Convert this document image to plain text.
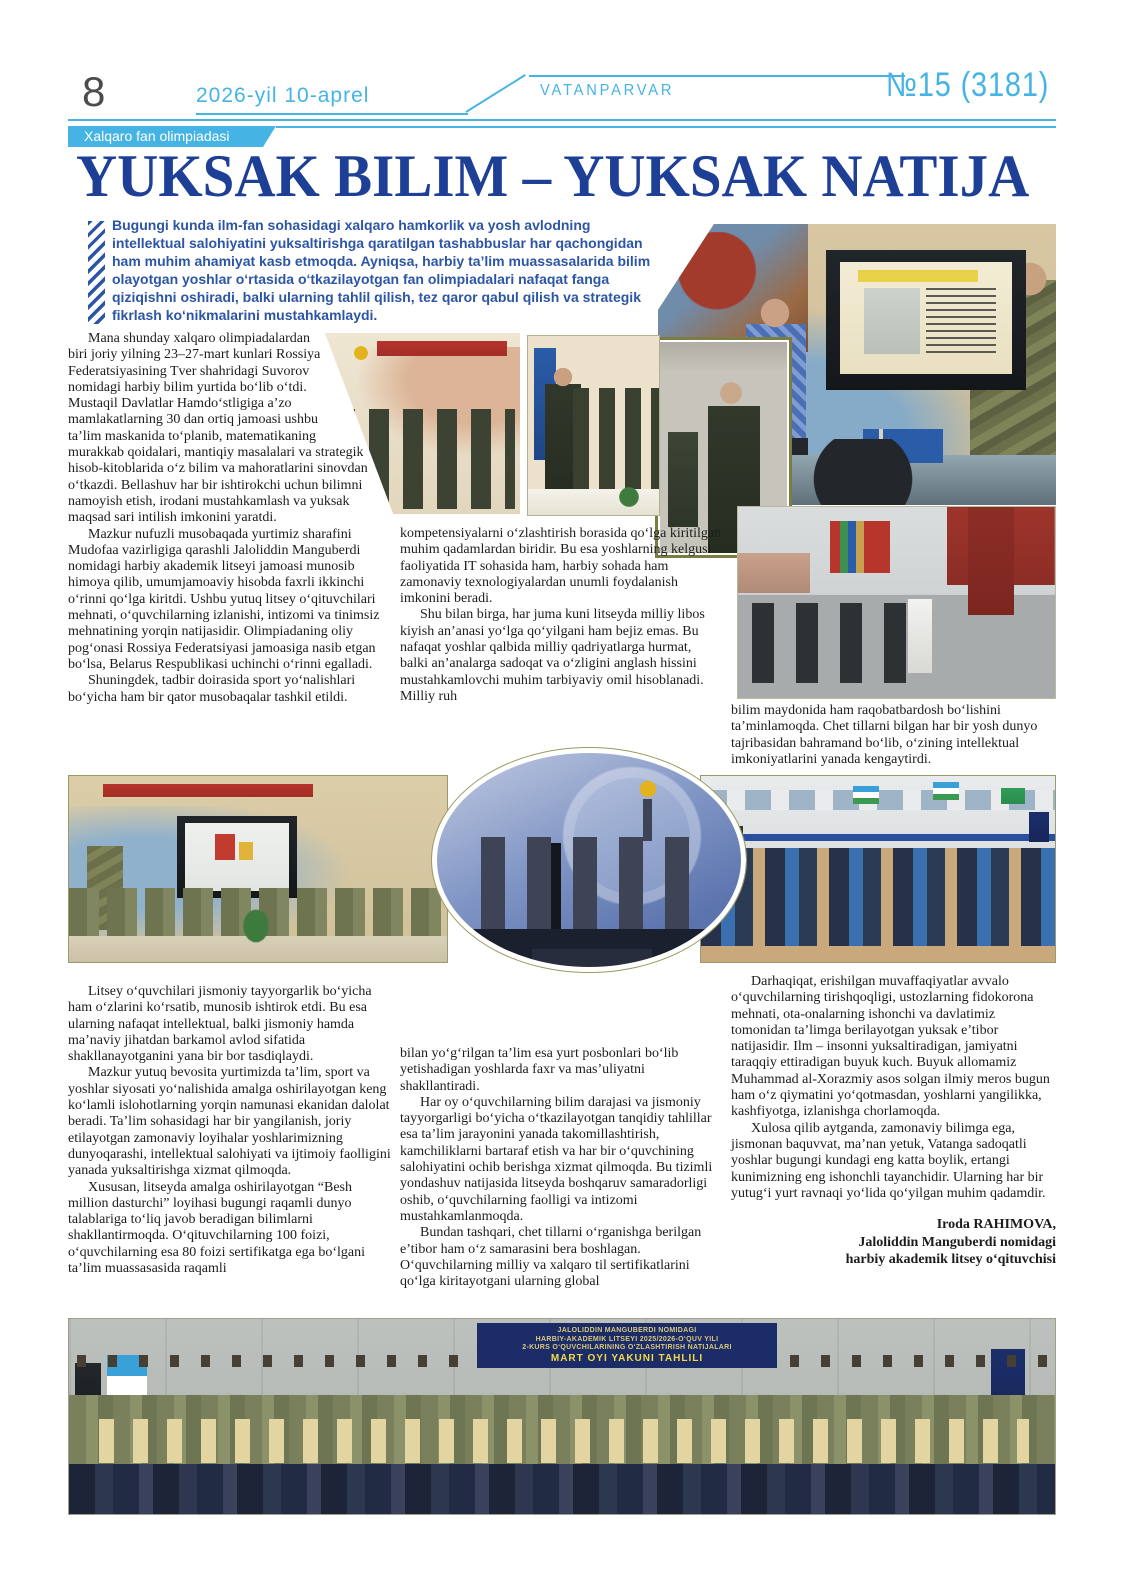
8	2026-yil 10-aprel	VATANPARVAR	№15 (3181)
Xalqaro fan olimpiadasi
YUKSAK BILIM – YUKSAK NATIJA
Bugungi kunda ilm-fan sohasidagi xalqaro hamkorlik va yosh avlodning intellektual salohiyatini yuksaltirishga qaratilgan tashabbuslar har qachongidan ham muhim ahamiyat kasb etmoqda. Ayniqsa, harbiy ta’lim muassasalarida bilim olayotgan yoshlar o‘rtasida o‘tkazilayotgan fan olimpiadalari nafaqat fanga qiziqishni oshiradi, balki ularning tahlil qilish, tez qaror qabul qilish va strategik fikrlash ko‘nikmalarini mustahkamlaydi.

Mana shunday xalqaro olimpiadalardan biri joriy yilning 23–27-mart kunlari Rossiya Federatsiyasining Tver shahridagi Suvorov nomidagi harbiy bilim yurtida bo‘lib o‘tdi. Mustaqil Davlatlar Hamdo‘stligiga a’zo mamlakatlarning 30 dan ortiq jamoasi ushbu ta’lim maskanida to‘planib, matematikaning murakkab qoidalari, mantiqiy masalalari va strategik hisob-kitoblarida o‘z bilim va mahoratlarini sinovdan o‘tkazdi. Bellashuv har bir ishtirokchi uchun bilimni namoyish etish, irodani mustahkamlash va yuksak maqsad sari intilish imkonini yaratdi.

Mazkur nufuzli musobaqada yurtimiz sharafini Mudofaa vazirligiga qarashli Jaloliddin Manguberdi nomidagi harbiy akademik litseyi jamoasi munosib himoya qilib, umumjamoaviy hisobda faxrli ikkinchi o‘rinni qo‘lga kiritdi. Ushbu yutuq litsey o‘qituvchilari mehnati, o‘quvchilarning izlanishi, intizomi va tinimsiz mehnatining yorqin natijasidir. Olimpiadaning oliy pog‘onasi Rossiya Federatsiyasi jamoasiga nasib etgan bo‘lsa, Belarus Respublikasi uchinchi o‘rinni egalladi.

Shuningdek, tadbir doirasida sport yo‘nalishlari bo‘yicha ham bir qator musobaqalar tashkil etildi.

kompetensiyalarni o‘zlashtirish borasida qo‘lga kiritilgan muhim qadamlardan biridir. Bu esa yoshlarning kelgusi faoliyatida IT sohasida ham, harbiy sohada ham zamonaviy texnologiyalardan unumli foydalanish imkonini beradi.

Shu bilan birga, har juma kuni litseyda milliy libos kiyish an’anasi yo‘lga qo‘yilgani ham bejiz emas. Bu nafaqat yoshlar qalbida milliy qadriyatlarga hurmat, balki an’analarga sadoqat va o‘zligini anglash hissini mustahkamlovchi muhim tarbiyaviy omil hisoblanadi. Milliy ruh

bilim maydonida ham raqobatbardosh bo‘lishini ta’minlamoqda. Chet tillarni bilgan har bir yosh dunyo tajribasidan bahramand bo‘lib, o‘zining intellektual imkoniyatlarini yanada kengaytirdi.

Litsey o‘quvchilari jismoniy tayyorgarlik bo‘yicha ham o‘zlarini ko‘rsatib, munosib ishtirok etdi. Bu esa ularning nafaqat intellektual, balki jismoniy hamda ma’naviy jihatdan barkamol avlod sifatida shakllanayotganini yana bir bor tasdiqlaydi.

Mazkur yutuq bevosita yurtimizda ta’lim, sport va yoshlar siyosati yo‘nalishida amalga oshirilayotgan keng ko‘lamli islohotlarning yorqin namunasi ekanidan dalolat beradi. Ta’lim sohasidagi har bir yangilanish, joriy etilayotgan zamonaviy loyihalar yoshlarimizning dunyoqarashi, intellektual salohiyati va ijtimoiy faolligini yanada yuksaltirishga xizmat qilmoqda.

Xususan, litseyda amalga oshirilayotgan “Besh million dasturchi” loyihasi bugungi raqamli dunyo talablariga to‘liq javob beradigan bilimlarni shakllantirmoqda. O‘qituvchilarning 100 foizi, o‘quvchilarning esa 80 foizi sertifikatga ega bo‘lgani ta’lim muassasasida raqamli

bilan yo‘g‘rilgan ta’lim esa yurt posbonlari bo‘lib yetishadigan yoshlarda faxr va mas’uliyatni shakllantiradi.

Har oy o‘quvchilarning bilim darajasi va jismoniy tayyorgarligi bo‘yicha o‘tkazilayotgan tanqidiy tahlillar esa ta’lim jarayonini yanada takomillashtirish, kamchiliklarni bartaraf etish va har bir o‘quvchining salohiyatini ochib berishga xizmat qilmoqda. Bu tizimli yondashuv natijasida litseyda boshqaruv samaradorligi oshib, o‘quvchilarning faolligi va intizomi mustahkamlanmoqda.

Bundan tashqari, chet tillarni o‘rganishga berilgan e’tibor ham o‘z samarasini bera boshlagan. O‘quvchilarning milliy va xalqaro til sertifikatlarini qo‘lga kiritayotgani ularning global

Darhaqiqat, erishilgan muvaffaqiyatlar avvalo o‘quvchilarning tirishqoqligi, ustozlarning fidokorona mehnati, ota-onalarning ishonchi va davlatimiz tomonidan ta’limga berilayotgan yuksak e’tibor natijasidir. Ilm – insonni yuksaltiradigan, jamiyatni taraqqiy ettiradigan buyuk kuch. Buyuk allomamiz Muhammad al-Xorazmiy asos solgan ilmiy meros bugun ham o‘z qiymatini yo‘qotmasdan, yoshlarni yangilikka, kashfiyotga, izlanishga chorlamoqda.

Xulosa qilib aytganda, zamonaviy bilimga ega, jismonan baquvvat, ma’nan yetuk, Vatanga sadoqatli yoshlar bugungi kundagi eng katta boylik, ertangi kunimizning eng ishonchli tayanchidir. Ularning har bir yutug‘i yurt ravnaqi yo‘lida qo‘yilgan muhim qadamdir.

Iroda RAHIMOVA,

Jaloliddin Manguberdi nomidagi

harbiy akademik litsey o‘qituvchisi

JALOLIDDIN MANGUBERDI NOMIDAGI
HARBIY-AKADEMIK LITSEYI 2025/2026-O‘QUV YILI
2-KURS O‘QUVCHILARINING O‘ZLASHTIRISH NATIJALARI
MART OYI YAKUNI TAHLILI
